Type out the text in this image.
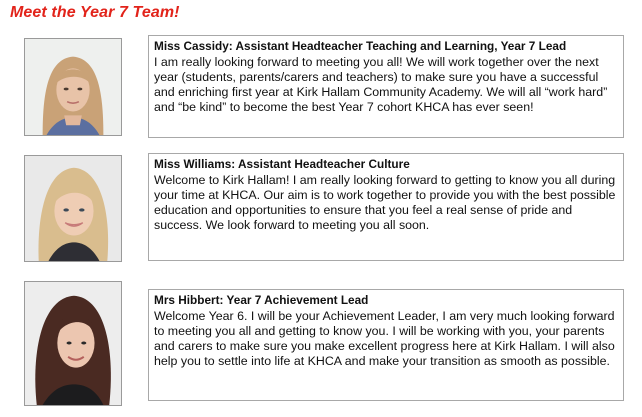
Meet the Year 7 Team!
Miss Cassidy: Assistant Headteacher Teaching and Learning, Year 7 Lead
I am really looking forward to meeting you all! We will work together over the next year (students, parents/carers and teachers) to make sure you have a successful and enriching first year at Kirk Hallam Community Academy. We will all “work hard” and “be kind” to become the best Year 7 cohort KHCA has ever seen!
Miss Williams: Assistant Headteacher Culture
Welcome to Kirk Hallam! I am really looking forward to getting to know you all during your time at KHCA. Our aim is to work together to provide you with the best possible education and opportunities to ensure that you feel a real sense of pride and success. We look forward to meeting you all soon.
Mrs Hibbert: Year 7 Achievement Lead
Welcome Year 6. I will be your Achievement Leader, I am very much looking forward to meeting you all and getting to know you. I will be working with you, your parents and carers to make sure you make excellent progress here at Kirk Hallam. I will also help you to settle into life at KHCA and make your transition as smooth as possible.
